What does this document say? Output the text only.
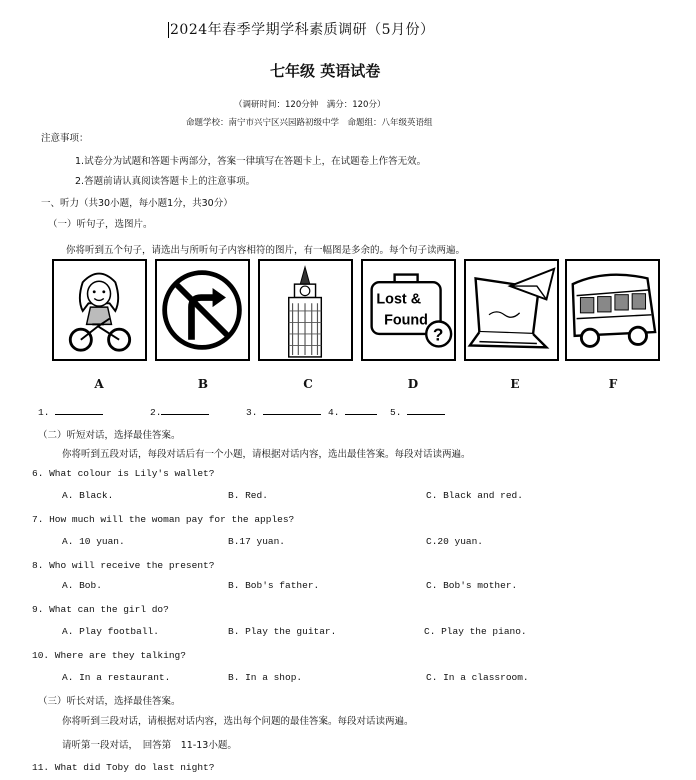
2024年春季学期学科素质调研（5月份）
七年级 英语试卷
（调研时间：120分钟　满分：120分）
命题学校：南宁市兴宁区兴园路初级中学　命题组：八年级英语组
注意事项：
1.试卷分为试题和答题卡两部分，答案一律填写在答题卡上，在试题卷上作答无效。
2.答题前请认真阅读答题卡上的注意事项。
一、听力（共30小题，每小题1分，共30分）
（一）听句子，选图片。
你将听到五个句子，请选出与所听句子内容相符的图片，有一幅图是多余的。每个句子读两遍。
Lost &
Found
?
A	B	C	D	E	F
1.	2.	3.	4.	5.
（二）听短对话，选择最佳答案。
你将听到五段对话，每段对话后有一个小题，请根据对话内容，选出最佳答案。每段对话读两遍。
6. What colour is Lily's wallet?
A. Black.	B. Red.	C. Black and red.
7. How much will the woman pay for the apples?
A. 10 yuan.	B.17 yuan.	C.20 yuan.
8. Who will receive the present?
A. Bob.	B. Bob's father.	C. Bob's mother.
9. What can the girl do?
A. Play football.	B. Play the guitar.	C. Play the piano.
10. Where are they talking?
A. In a restaurant.	B. In a shop.	C. In a classroom.
（三）听长对话，选择最佳答案。
你将听到三段对话，请根据对话内容，选出每个问题的最佳答案。每段对话读两遍。
请听第一段对话，　回答第　11-13小题。
11. What did Toby do last night?
